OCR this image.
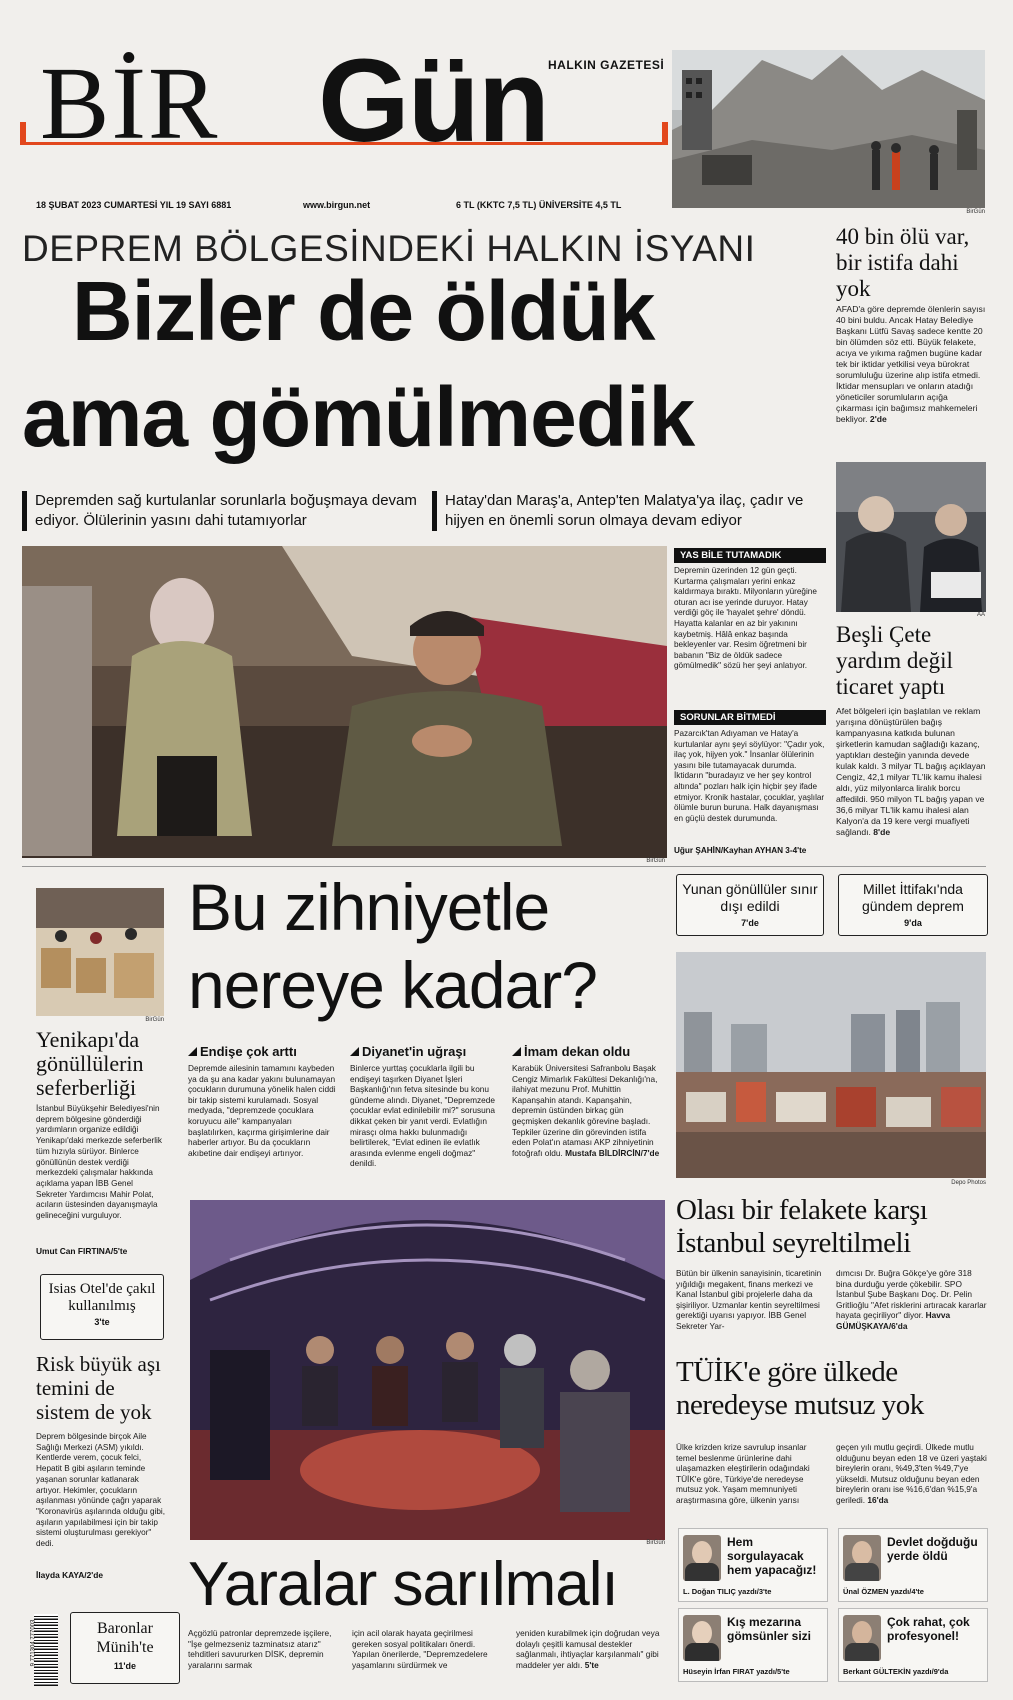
BİR Gün HALKIN GAZETESİ
18 ŞUBAT 2023 CUMARTESİ YIL 19 SAYI 6881	www.birgun.net	6 TL (KKTC 7,5 TL) ÜNİVERSİTE 4,5 TL
BirGün
DEPREM BÖLGESİNDEKİ HALKIN İSYANI
Bizler de öldük
ama gömülmedik
Depremden sağ kurtulanlar sorunlarla boğuşmaya devam ediyor. Ölülerinin yasını dahi tutamıyorlar
Hatay'dan Maraş'a, Antep'ten Malatya'ya ilaç, çadır ve hijyen en önemli sorun olmaya devam ediyor
BirGün
YAS BİLE TUTAMADIK
Depremin üzerinden 12 gün geçti. Kurtarma çalışmaları yerini enkaz kaldırmaya bıraktı. Milyonların yüreğine oturan acı ise yerinde duruyor. Hatay verdiği göç ile 'hayalet şehre' döndü. Hayatta kalanlar en az bir yakınını kaybetmiş. Hâlâ enkaz başında bekleyenler var. Resim öğretmeni bir babanın "Biz de öldük sadece gömülmedik" sözü her şeyi anlatıyor.
SORUNLAR BİTMEDİ
Pazarcık'tan Adıyaman ve Hatay'a kurtulanlar aynı şeyi söylüyor: "Çadır yok, ilaç yok, hijyen yok." İnsanlar ölülerinin yasını bile tutamayacak durumda. İktidarın "buradayız ve her şey kontrol altında" pozları halk için hiçbir şey ifade etmiyor. Kronik hastalar, çocuklar, yaşlılar ölümle burun buruna. Halk dayanışması en güçlü destek durumunda.
Uğur ŞAHİN/Kayhan AYHAN 3-4'te
40 bin ölü var, bir istifa dahi yok
AFAD'a göre depremde ölenlerin sayısı 40 bini buldu. Ancak Hatay Belediye Başkanı Lütfü Savaş sadece kentte 20 bin ölümden söz etti. Büyük felakete, acıya ve yıkıma rağmen bugüne kadar tek bir iktidar yetkilisi veya bürokrat sorumluluğu üzerine alıp istifa etmedi. İktidar mensupları ve onların atadığı yöneticiler sorumluların açığa çıkarması için bağımsız mahkemeleri bekliyor. 2'de
AA
Beşli Çete yardım değil ticaret yaptı
Afet bölgeleri için başlatılan ve reklam yarışına dönüştürülen bağış kampanyasına katkıda bulunan şirketlerin kamudan sağladığı kazanç, yaptıkları desteğin yanında devede kulak kaldı. 3 milyar TL bağış açıklayan Cengiz, 42,1 milyar TL'lik kamu ihalesi aldı, yüz milyonlarca liralık borcu affedildi. 950 milyon TL bağış yapan ve 36,6 milyar TL'lik kamu ihalesi alan Kalyon'a da 19 kere vergi muafiyeti sağlandı. 8'de
BirGün
Yenikapı'da gönüllülerin seferberliği
İstanbul Büyükşehir Belediyesi'nin deprem bölgesine gönderdiği yardımların organize edildiği Yenikapı'daki merkezde seferberlik tüm hızıyla sürüyor. Binlerce gönüllünün destek verdiği merkezdeki çalışmalar hakkında açıklama yapan İBB Genel Sekreter Yardımcısı Mahir Polat, acıların üstesinden dayanışmayla gelineceğini vurguluyor.
Umut Can FIRTINA/5'te
Isias Otel'de çakıl kullanılmış
3'te
Risk büyük aşı temini de sistem de yok
Deprem bölgesinde birçok Aile Sağlığı Merkezi (ASM) yıkıldı. Kentlerde verem, çocuk felci, Hepatit B gibi aşıların teminde yaşanan sorunlar katlanarak artıyor. Hekimler, çocukların aşılanması yönünde çağrı yaparak "Koronavirüs aşılarında olduğu gibi, aşıların yapılabilmesi için bir takip sistemi oluşturulması gerekiyor" dedi.
İlayda KAYA/2'de
9 771304 777003	Baronlar Münih'te
11'de
Bu zihniyetle nereye kadar?
Endişe çok arttı
Depremde ailesinin tamamını kaybeden ya da şu ana kadar yakını bulunamayan çocukların durumuna yönelik halen ciddi bir takip sistemi kurulamadı. Sosyal medyada, "depremzede çocuklara koruyucu aile" kampanyaları başlatılırken, kaçırma girişimlerine dair haberler artıyor. Bu da çocukların akıbetine dair endişeyi artırıyor.
Diyanet'in uğraşı
Binlerce yurttaş çocuklarla ilgili bu endişeyi taşırken Diyanet İşleri Başkanlığı'nın fetva sitesinde bu konu gündeme alındı. Diyanet, "Depremzede çocuklar evlat edinilebilir mi?" sorusuna dikkat çeken bir yanıt verdi. Evlatlığın mirasçı olma hakkı bulunmadığı belirtilerek, "Evlat edinen ile evlatlık arasında evlenme engeli doğmaz" denildi.
İmam dekan oldu
Karabük Üniversitesi Safranbolu Başak Cengiz Mimarlık Fakültesi Dekanlığı'na, ilahiyat mezunu Prof. Muhittin Kapanşahin atandı. Kapanşahin, depremin üstünden birkaç gün geçmişken dekanlık görevine başladı. Tepkiler üzerine din görevinden istifa eden Polat'ın ataması AKP zihniyetinin fotoğrafı oldu. Mustafa BİLDİRCİN/7'de
BirGün
Yaralar sarılmalı
Açgözlü patronlar depremzede işçilere, "İşe gelmezseniz tazminatsız atarız" tehditleri savururken DİSK, depremin yaralarını sarmak
için acil olarak hayata geçirilmesi gereken sosyal politikaları önerdi. Yapılan önerilerde, "Depremzedelere yaşamlarını sürdürmek ve
yeniden kurabilmek için doğrudan veya dolaylı çeşitli kamusal destekler sağlanmalı, ihtiyaçlar karşılanmalı" gibi maddeler yer aldı. 5'te
Yunan gönüllüler sınır dışı edildi
7'de
Millet İttifakı'nda gündem deprem
9'da
Depo Photos
Olası bir felakete karşı İstanbul seyreltilmeli
Bütün bir ülkenin sanayisinin, ticaretinin yığıldığı megakent, finans merkezi ve Kanal İstanbul gibi projelerle daha da şişiriliyor. Uzmanlar kentin seyreltilmesi gerektiği uyarısı yapıyor. İBB Genel Sekreter Yar-
dımcısı Dr. Buğra Gökçe'ye göre 318 bina durduğu yerde çökebilir. SPO İstanbul Şube Başkanı Doç. Dr. Pelin Gritlioğlu "Afet risklerini artıracak kararlar hayata geçiriliyor" diyor. Havva GÜMÜŞKAYA/6'da
TÜİK'e göre ülkede neredeyse mutsuz yok
Ülke krizden krize savrulup insanlar temel beslenme ürünlerine dahi ulaşamazken eleştirilerin odağındaki TÜİK'e göre, Türkiye'de neredeyse mutsuz yok. Yaşam memnuniyeti araştırmasına göre, ülkenin yarısı
geçen yılı mutlu geçirdi. Ülkede mutlu olduğunu beyan eden 18 ve üzeri yaştaki bireylerin oranı, %49,3'ten %49,7'ye yükseldi. Mutsuz olduğunu beyan eden bireylerin oranı ise %16,6'dan %15,9'a geriledi. 16'da
Hem sorgulayacak hem yapacağız!
L. Doğan TILIÇ yazdı/3'te
Devlet doğduğu yerde öldü
Ünal ÖZMEN yazdı/4'te
Kış mezarına gömsünler sizi
Hüseyin İrfan FIRAT yazdı/5'te
Çok rahat, çok profesyonel!
Berkant GÜLTEKİN yazdı/9'da
